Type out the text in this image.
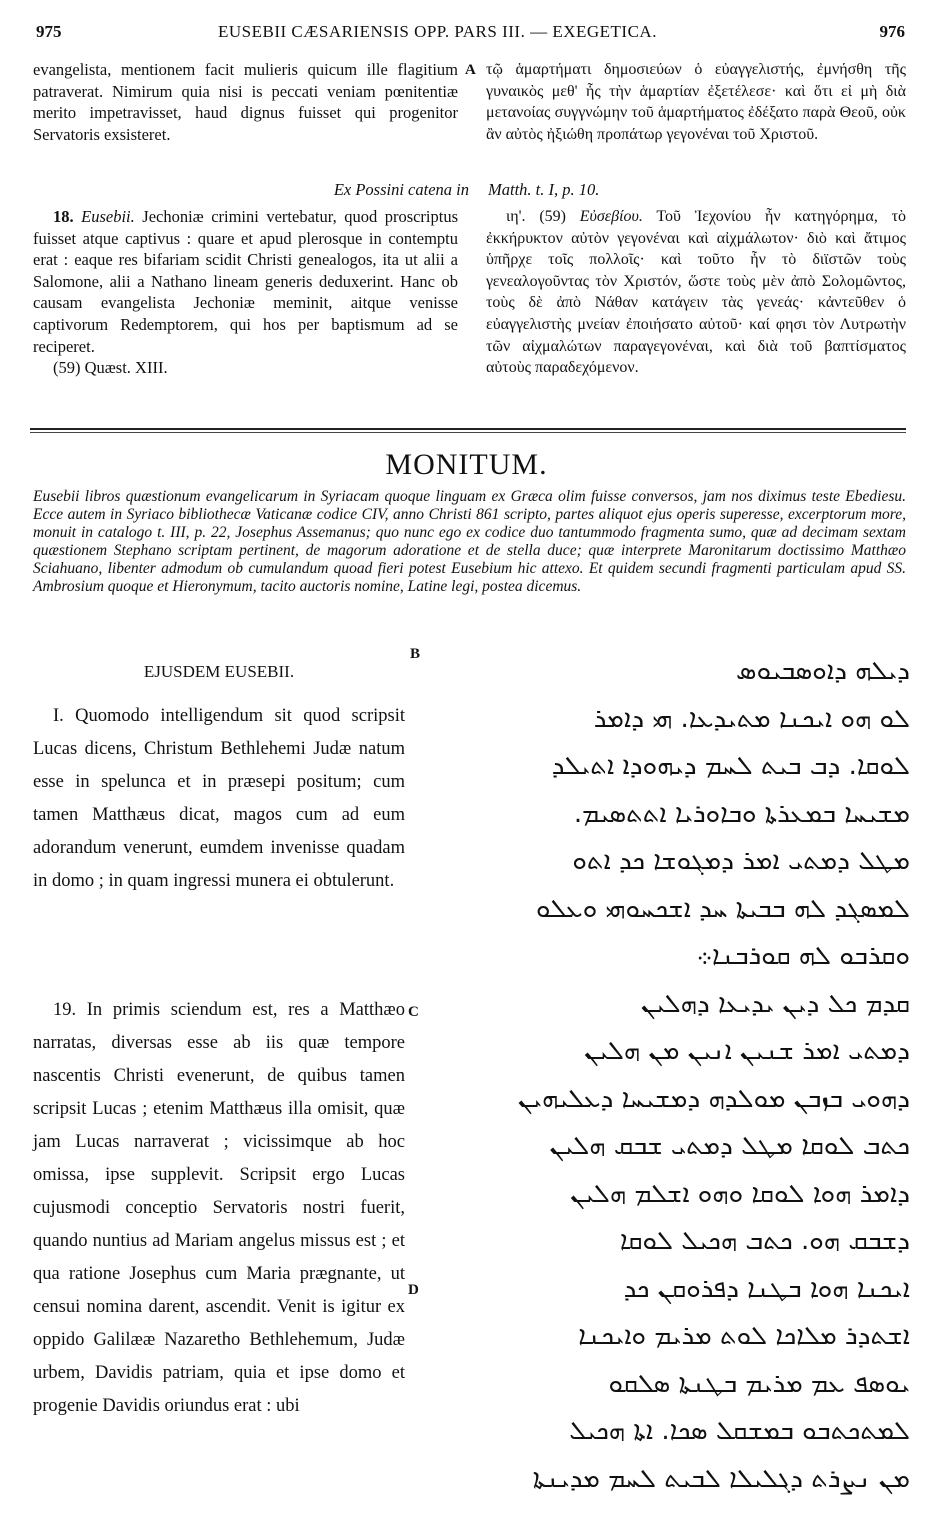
975	EUSEBII CÆSARIENSIS OPP. PARS III. — EXEGETICA.	976

evangelista, mentionem facit mulieris quicum ille flagitium patraverat. Nimirum quia nisi is peccati veniam pœnitentiæ merito impetravisset, haud dignus fuisset qui progenitor Servatoris exsisteret.

A τῷ ἁμαρτήματι δημοσιεύων ὁ εὐαγγελιστής, ἐμνήσθη τῆς γυναικὸς μεθ' ἧς τὴν ἁμαρτίαν ἐξετέλεσε· καὶ ὅτι εἰ μὴ διὰ μετανοίας συγγνώμην τοῦ ἁμαρτήματος ἐδέξατο παρὰ Θεοῦ, οὐκ ἂν αὐτὸς ἠξιώθη προπάτωρ γεγονέναι τοῦ Χριστοῦ.

Ex Possini catena in Matth. t. I, p. 10.

18. Eusebii. Jechoniæ crimini vertebatur, quod proscriptus fuisset atque captivus : quare et apud plerosque in contemptu erat : eaque res bifariam scidit Christi genealogos, ita ut alii a Salomone, alii a Nathano lineam generis deduxerint. Hanc ob causam evangelista Jechoniæ meminit, aitque venisse captivorum Redemptorem, qui hos per baptismum ad se reciperet.

(59) Quæst. XIII.

ιη'. (59) Εὐσεβίου. Τοῦ Ἰεχονίου ἦν κατηγόρημα, τὸ ἐκκήρυκτον αὐτὸν γεγονέναι καὶ αἰχμάλωτον· διὸ καὶ ἄτιμος ὑπῆρχε τοῖς πολλοῖς· καὶ τοῦτο ἦν τὸ διϊστῶν τοὺς γενεαλογοῦντας τὸν Χριστόν, ὥστε τοὺς μὲν ἀπὸ Σολομῶντος, τοὺς δὲ ἀπὸ Νάθαν κατάγειν τὰς γενεάς· κἀντεῦθεν ὁ εὐαγγελιστὴς μνείαν ἐποιήσατο αὐτοῦ· καί φησι τὸν Λυτρωτὴν τῶν αἰχμαλώτων παραγεγονέναι, καὶ διὰ τοῦ βαπτίσματος αὐτοὺς παραδεχόμενον.

MONITUM.
Eusebii libros quæstionum evangelicarum in Syriacam quoque linguam ex Græca olim fuisse conversos, jam nos diximus teste Ebediesu. Ecce autem in Syriaco bibliothecæ Vaticanæ codice CIV, anno Christi 861 scripto, partes aliquot ejus operis superesse, excerptorum more, monuit in catalogo t. III, p. 22, Josephus Assemanus; quo nunc ego ex codice duo tantummodo fragmenta sumo, quæ ad decimam sextam quæstionem Stephano scriptam pertinent, de magorum adoratione et de stella duce; quæ interprete Maronitarum doctissimo Matthæo Sciahuano, libenter admodum ob cumulandum quoad fieri potest Eusebium hic attexo. Et quidem secundi fragmenti particulam apud SS. Ambrosium quoque et Hieronymum, tacito auctoris nomine, Latine legi, postea dicemus.
EJUSDEM EUSEBII.
B

I. Quomodo intelligendum sit quod scripsit Lucas dicens, Christum Bethlehemi Judæ natum esse in spelunca et in præsepi positum; cum tamen Matthæus dicat, magos cum ad eum adorandum venerunt, eumdem invenisse quadam in domo ; in quam ingressi munera ei obtulerunt.

19. In primis sciendum est, res a Matthæo narratas, diversas esse ab iis quæ tempore nascentis Christi evenerunt, de quibus tamen scripsit Lucas ; etenim Matthæus illa omisit, quæ jam Lucas narraverat ; vicissimque ab hoc omissa, ipse supplevit. Scripsit ergo Lucas cujusmodi conceptio Servatoris nostri fuerit, quando nuntius ad Mariam angelus missus est ; et qua ratione Josephus cum Maria prægnante, ut censui nomina darent, ascendit. Venit is igitur ex oppido Galilææ Nazaretho Bethlehemum, Judæ urbem, Davidis patriam, quia et ipse domo et progenie Davidis oriundus erat : ubi

C
D
ܕܝܠܗ ܕܐܘܣܒܝܘܣ
ܠܘ ܗܘ ܐܝܟܢܐ ܡܬܝܕܥܐ. ܗܝ ܕܐܡܪ
ܠܘܩܐ. ܕܒ ܒܝܬ ܠܚܡ ܕܝܗܘܕܐ ܐܬܝܠܕ
ܡܫܝܚܐ ܒܡܥܪܬܐ ܘܒܐܘܪܝܐ ܐܬܬܣܝܡ.
ܡܛܠ ܕܡܬܝ ܐܡܪ ܕܡܓܘܫܐ ܟܕ ܐܬܘ
ܠܡܣܓܕ ܠܗ ܒܒܝܬܐ ܚܕ ܐܫܟܚܘܗܝ ܘܥܠܘ
ܘܩܪܒܘ ܠܗ ܩܘܪܒܢܐ܀
ܩܕܡ ܟܠ ܕܝܢ ܝܕܝܥܐ ܕܗܠܝܢ
ܕܡܬܝ ܐܡܪ ܫܢܝܢ ܐܢܝܢ ܡܢ ܗܠܝܢ
ܕܗܘܝ ܒܙܒܢ ܡܘܠܕܗ ܕܡܫܝܚܐ ܕܥܠܝܗܝܢ
ܟܬܒ ܠܘܩܐ ܡܛܠ ܕܡܬܝ ܫܒܩ ܗܠܝܢ
ܕܐܡܪ ܗܘܐ ܠܘܩܐ ܘܗܘ ܐܫܠܡ ܗܠܝܢ
ܕܫܒܩ ܗܘ. ܟܬܒ ܗܟܝܠ ܠܘܩܐ
ܐܝܟܢܐ ܗܘܐ ܒܛܢܐ ܕܦܪܘܩܢ ܟܕ
ܐܫܬܕܪ ܡܠܐܟܐ ܠܘܬ ܡܪܝܡ ܘܐܝܟܢܐ
ܝܘܣܦ ܥܡ ܡܪܝܡ ܒܛܢܬܐ ܣܠܩܘ
ܠܡܬܟܬܒܘ ܒܡܫܩܠ ܣܟܐ. ܐܬܐ ܗܟܝܠ
ܡܢ ܢܨܪܬ ܕܓܠܝܠܐ ܠܒܝܬ ܠܚܡ ܡܕܝܢܬܐ
